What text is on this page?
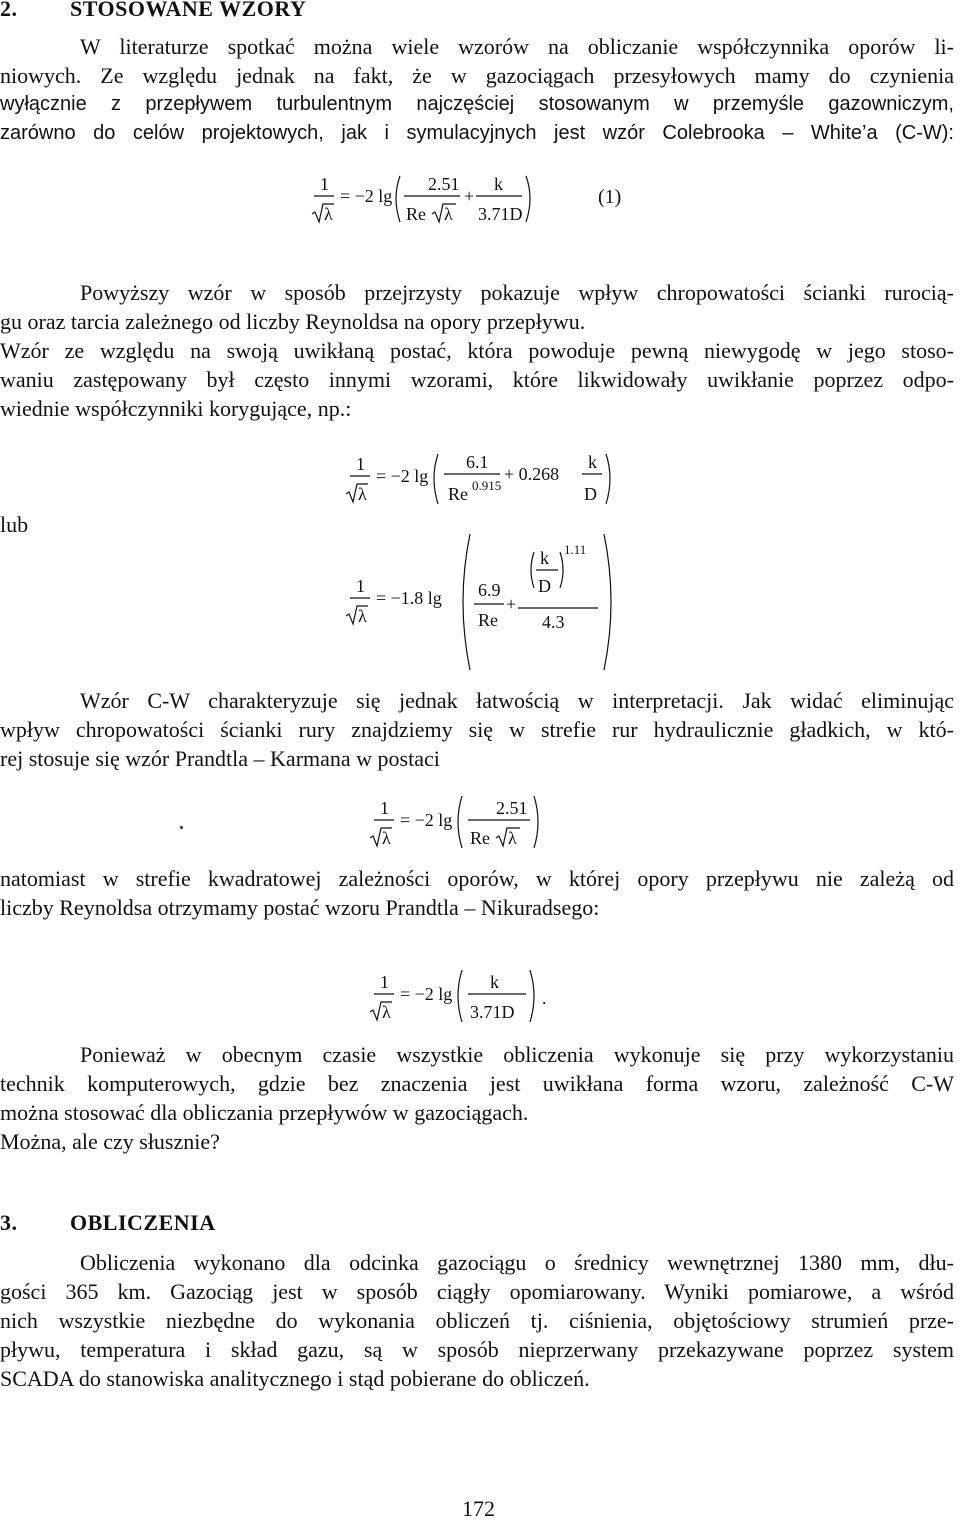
2. STOSOWANE WZORY
W literaturze spotkać można wiele wzorów na obliczanie współczynnika oporów li-
niowych. Ze względu jednak na fakt, że w gazociągach przesyłowych mamy do czynienia
wyłącznie z przepływem turbulentnym najczęściej stosowanym w przemyśle gazowniczym,
zarówno do celów projektowych, jak i symulacyjnych jest wzór Colebrooka – White’a (C-W):
1
λ
= −2 lg
2.51
Re λ
+
k
3.71D
(1)
Powyższy wzór w sposób przejrzysty pokazuje wpływ chropowatości ścianki rurocią-
gu oraz tarcia zależnego od liczby Reynoldsa na opory przepływu.
Wzór ze względu na swoją uwikłaną postać, która powoduje pewną niewygodę w jego stoso-
waniu zastępowany był często innymi wzorami, które likwidowały uwikłanie poprzez odpo-
wiednie współczynniki korygujące, np.:
1
λ
= −2 lg
6.1
Re 0.915
+ 0.268
k
D
lub
1
λ
= −1.8 lg 6.9
Re
+
k
D
1.11
4.3
Wzór C-W charakteryzuje się jednak łatwością w interpretacji. Jak widać eliminując
wpływ chropowatości ścianki rury znajdziemy się w strefie rur hydraulicznie gładkich, w któ-
rej stosuje się wzór Prandtla – Karmana w postaci
1
λ
= −2 lg
2.51
Re λ
natomiast w strefie kwadratowej zależności oporów, w której opory przepływu nie zależą od
liczby Reynoldsa otrzymamy postać wzoru Prandtla – Nikuradsego:
1
λ
= −2 lg
k
3.71D
.
Ponieważ w obecnym czasie wszystkie obliczenia wykonuje się przy wykorzystaniu
technik komputerowych, gdzie bez znaczenia jest uwikłana forma wzoru, zależność C-W
można stosować dla obliczania przepływów w gazociągach.
Można, ale czy słusznie?
3. OBLICZENIA
Obliczenia wykonano dla odcinka gazociągu o średnicy wewnętrznej 1380 mm, dłu-
gości 365 km. Gazociąg jest w sposób ciągły opomiarowany. Wyniki pomiarowe, a wśród
nich wszystkie niezbędne do wykonania obliczeń tj. ciśnienia, objętościowy strumień prze-
pływu, temperatura i skład gazu, są w sposób nieprzerwany przekazywane poprzez system
SCADA do stanowiska analitycznego i stąd pobierane do obliczeń.
172
